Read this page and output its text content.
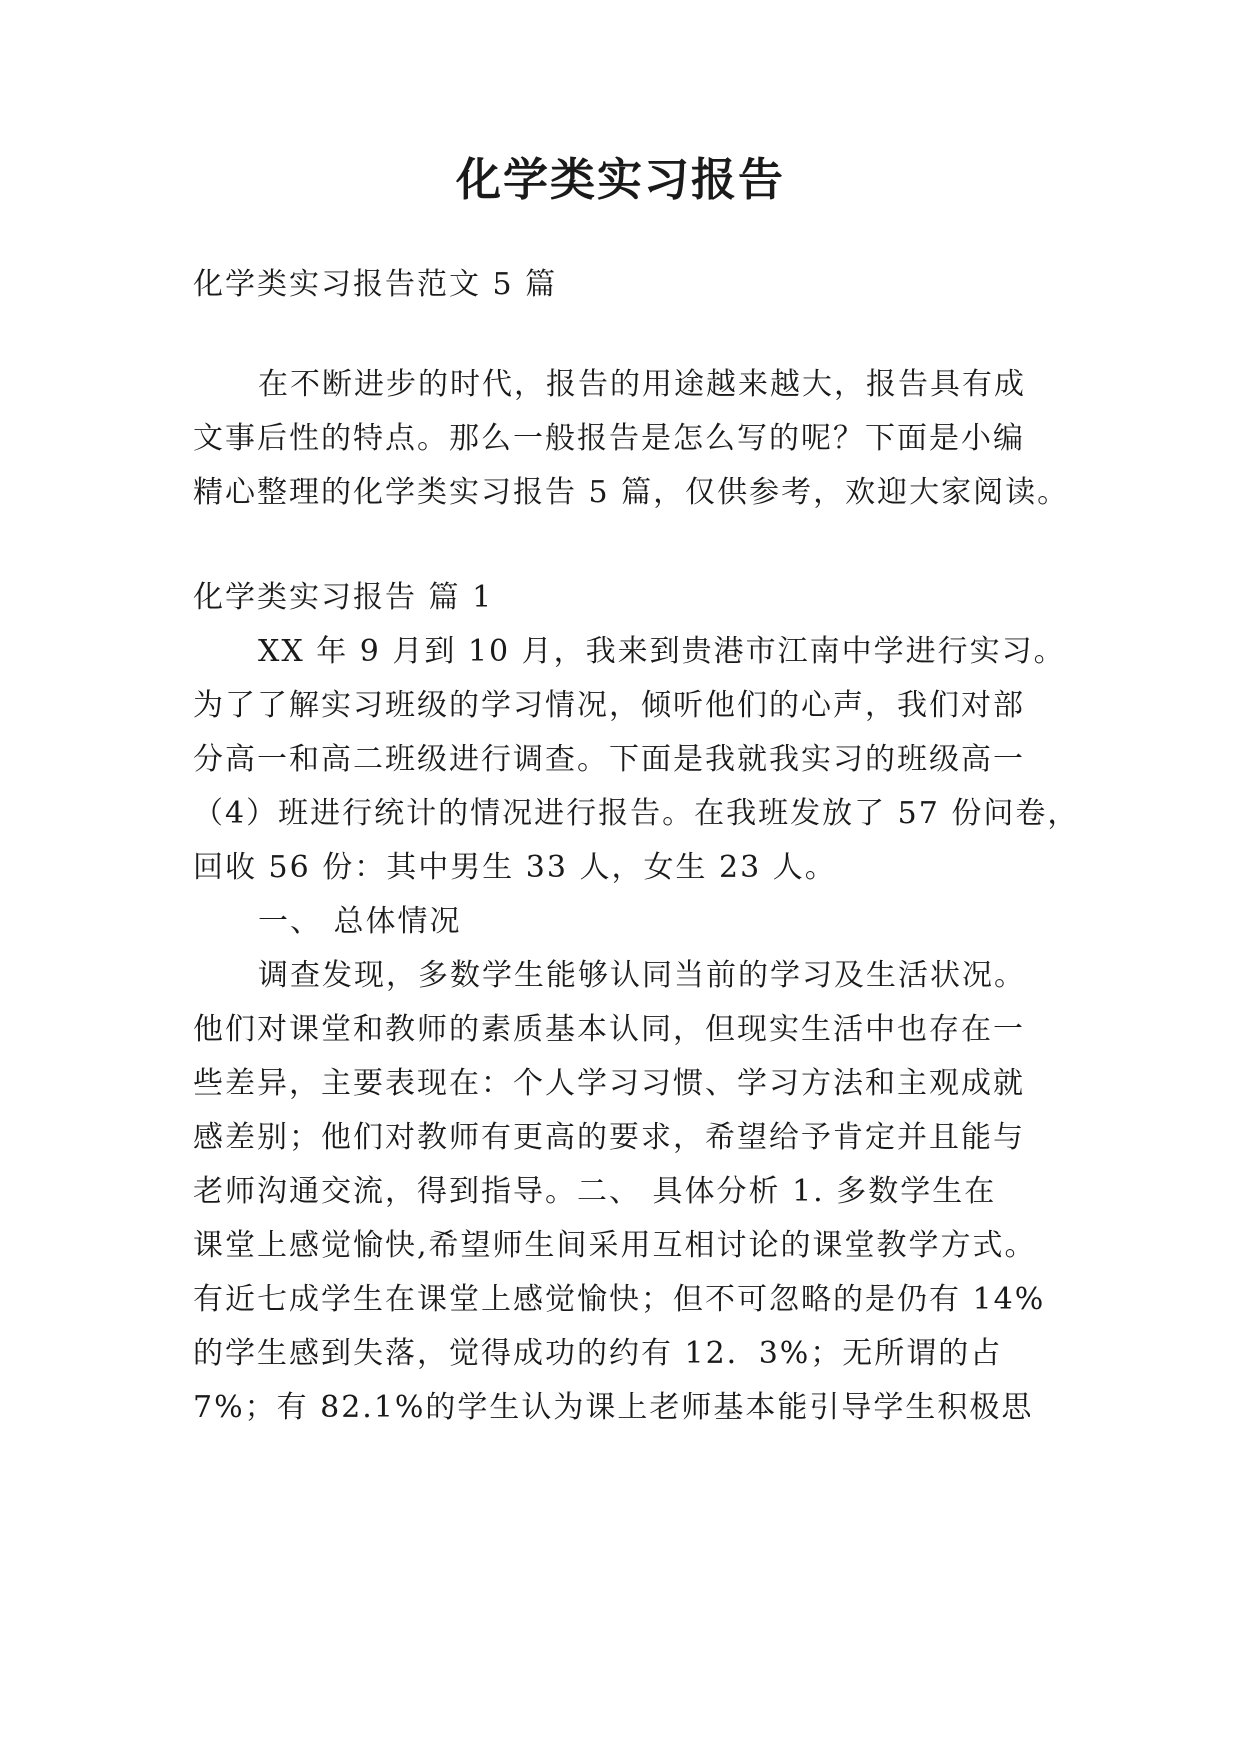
化学类实习报告
化学类实习报告范文 5 篇
在不断进步的时代，报告的用途越来越大，报告具有成
文事后性的特点。那么一般报告是怎么写的呢？下面是小编
精心整理的化学类实习报告 5 篇，仅供参考，欢迎大家阅读。
化学类实习报告 篇 1
XX 年 9 月到 10 月，我来到贵港市江南中学进行实习。
为了了解实习班级的学习情况，倾听他们的心声，我们对部
分高一和高二班级进行调查。下面是我就我实习的班级高一
（4）班进行统计的情况进行报告。在我班发放了 57 份问卷，
回收 56 份：其中男生 33 人，女生 23 人。
一、 总体情况
调查发现，多数学生能够认同当前的学习及生活状况。
他们对课堂和教师的素质基本认同，但现实生活中也存在一
些差异，主要表现在：个人学习习惯、学习方法和主观成就
感差别；他们对教师有更高的要求，希望给予肯定并且能与
老师沟通交流，得到指导。二、 具体分析 1. 多数学生在
课堂上感觉愉快,希望师生间采用互相讨论的课堂教学方式。
有近七成学生在课堂上感觉愉快；但不可忽略的是仍有 14%
的学生感到失落，觉得成功的约有 12．3%；无所谓的占
7%；有 82.1%的学生认为课上老师基本能引导学生积极思
